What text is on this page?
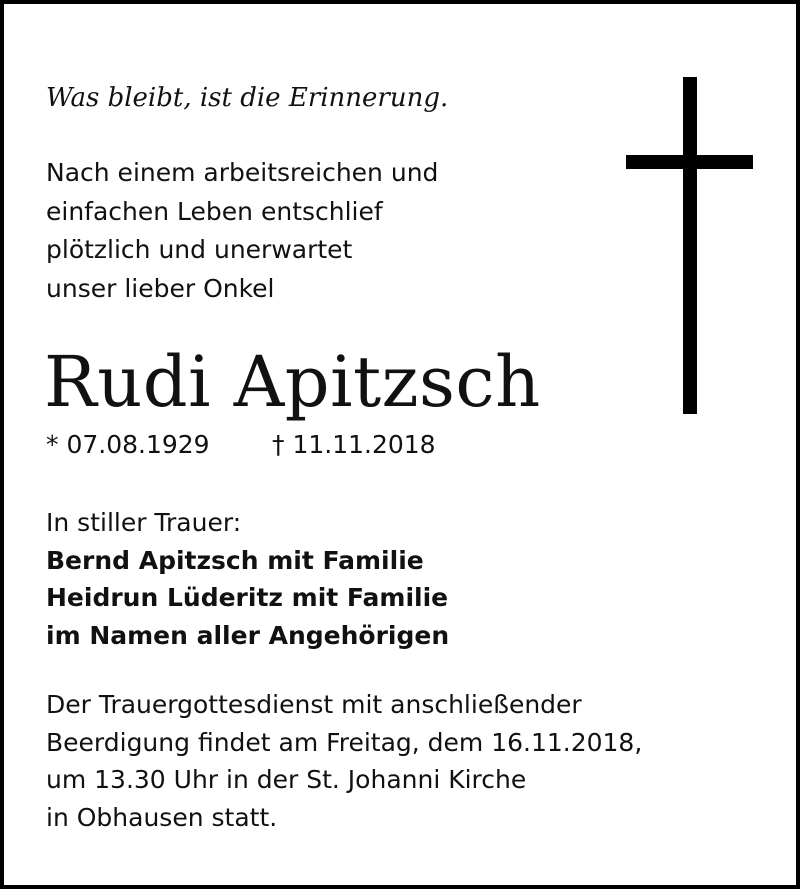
Was bleibt, ist die Erinnerung.
Nach einem arbeitsreichen und
einfachen Leben entschlief
plötzlich und unerwartet
unser lieber Onkel
Rudi Apitzsch
* 07.08.1929 † 11.11.2018
In stiller Trauer:
Bernd Apitzsch mit Familie
Heidrun Lüderitz mit Familie
im Namen aller Angehörigen
Der Trauergottesdienst mit anschließender
Beerdigung findet am Freitag, dem 16.11.2018,
um 13.30 Uhr in der St. Johanni Kirche
in Obhausen statt.
